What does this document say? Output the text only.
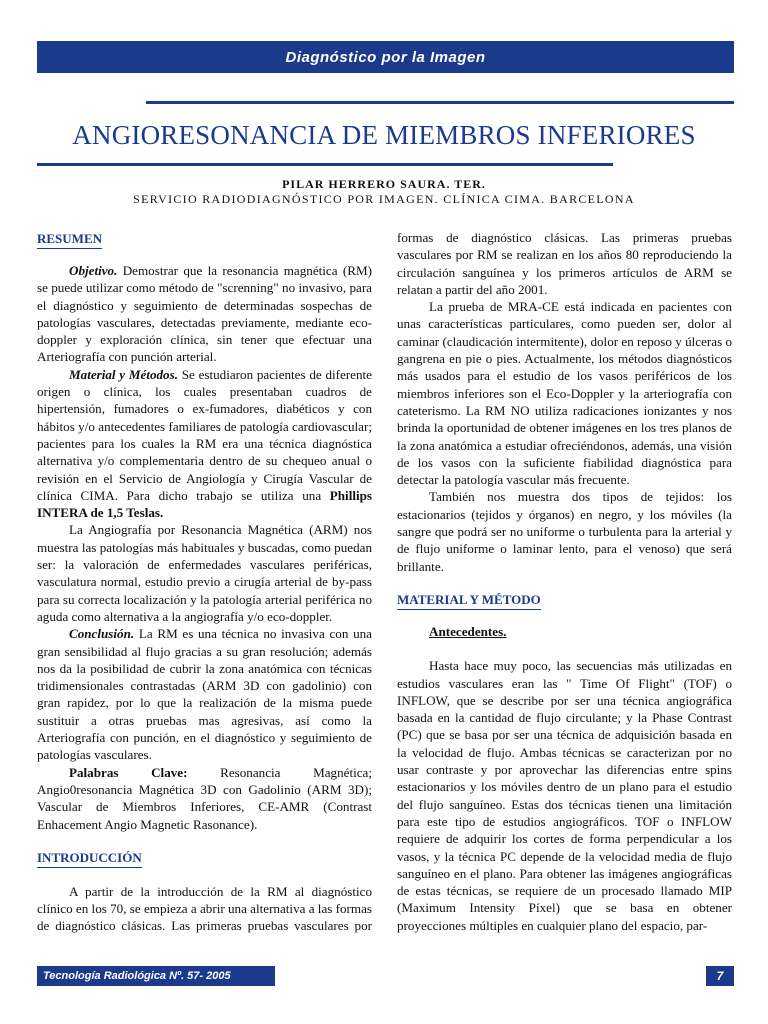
Diagnóstico por la Imagen
ANGIORESONANCIA DE MIEMBROS INFERIORES
PILAR HERRERO SAURA. TER.
SERVICIO RADIODIAGNÓSTICO POR IMAGEN. CLÍNICA CIMA. BARCELONA
RESUMEN

Objetivo. Demostrar que la resonancia magnética (RM) se puede utilizar como método de "screnning" no invasivo, para el diagnóstico y seguimiento de determinadas sospechas de patologías vasculares, detectadas previamente, mediante eco-doppler y exploración clínica, sin tener que efectuar una Arteriografía con punción arterial.

Material y Métodos. Se estudiaron pacientes de diferente origen o clínica, los cuales presentaban cuadros de hipertensión, fumadores o ex-fumadores, diabéticos y con hábitos y/o antecedentes familiares de patología cardiovascular; pacientes para los cuales la RM era una técnica diagnóstica alternativa y/o complementaria dentro de su chequeo anual o revisión en el Servicio de Angiología y Cirugía Vascular de clínica CIMA. Para dicho trabajo se utiliza una Phillips INTERA de 1,5 Teslas.

La Angiografía por Resonancia Magnética (ARM) nos muestra las patologías más habituales y buscadas, como puedan ser: la valoración de enfermedades vasculares periféricas, vasculatura normal, estudio previo a cirugía arterial de by-pass para su correcta localización y la patología arterial periférica no aguda como alternativa a la angiografía y/o eco-doppler.

Conclusión. La RM es una técnica no invasiva con una gran sensibilidad al flujo gracias a su gran resolución; además nos da la posibilidad de cubrir la zona anatómica con técnicas tridimensionales contrastadas (ARM 3D con gadolinio) con gran rapidez, por lo que la realización de la misma puede sustituir a otras pruebas mas agresivas, así como la Arteriografía con punción, en el diagnóstico y seguimiento de patologías vasculares.

Palabras Clave: Resonancia Magnética; Angio0resonancia Magnética 3D con Gadolinio (ARM 3D); Vascular de Miembros Inferiores, CE-AMR (Contrast Enhacement Angio Magnetic Rasonance).

INTRODUCCIÓN

A partir de la introducción de la RM al diagnóstico clínico en los 70, se empieza a abrir una alternativa a las formas de diagnóstico clásicas. Las primeras pruebas vasculares por

formas de diagnóstico clásicas. Las primeras pruebas vasculares por RM se realizan en los años 80 reproduciendo la circulación sanguínea y los primeros artículos de ARM se relatan a partir del año 2001.

La prueba de MRA-CE está indicada en pacientes con unas características particulares, como pueden ser, dolor al caminar (claudicación intermitente), dolor en reposo y úlceras o gangrena en pie o pies. Actualmente, los métodos diagnósticos más usados para el estudio de los vasos periféricos de los miembros inferiores son el Eco-Doppler y la arteriografía con cateterismo. La RM NO utiliza radicaciones ionizantes y nos brinda la oportunidad de obtener imágenes en los tres planos de la zona anatómica a estudiar ofreciéndonos, además, una visión de los vasos con la suficiente fiabilidad diagnóstica para detectar la patología vascular más frecuente.

También nos muestra dos tipos de tejidos: los estacionarios (tejidos y órganos) en negro, y los móviles (la sangre que podrá ser no uniforme o turbulenta para la arterial y de flujo uniforme o laminar lento, para el venoso) que será brillante.

MATERIAL Y MÉTODO

Antecedentes.

Hasta hace muy poco, las secuencias más utilizadas en estudios vasculares eran las " Time Of Flight" (TOF) o INFLOW, que se describe por ser una técnica angiográfica basada en la cantidad de flujo circulante; y la Phase Contrast (PC) que se basa por ser una técnica de adquisición basada en la velocidad de flujo. Ambas técnicas se caracterizan por no usar contraste y por aprovechar las diferencias entre spins estacionarios y los móviles dentro de un plano para el estudio del flujo sanguíneo. Estas dos técnicas tienen una limitación para este tipo de estudios angiográficos. TOF o INFLOW requiere de adquirir los cortes de forma perpendicular a los vasos, y la técnica PC depende de la velocidad media de flujo sanguíneo en el plano. Para obtener las imágenes angiográficas de estas técnicas, se requiere de un procesado llamado MIP (Maximum Intensity Píxel) que se basa en obtener proyecciones múltiples en cualquier plano del espacio, par-

Tecnología Radiológica Nº. 57- 2005	7
